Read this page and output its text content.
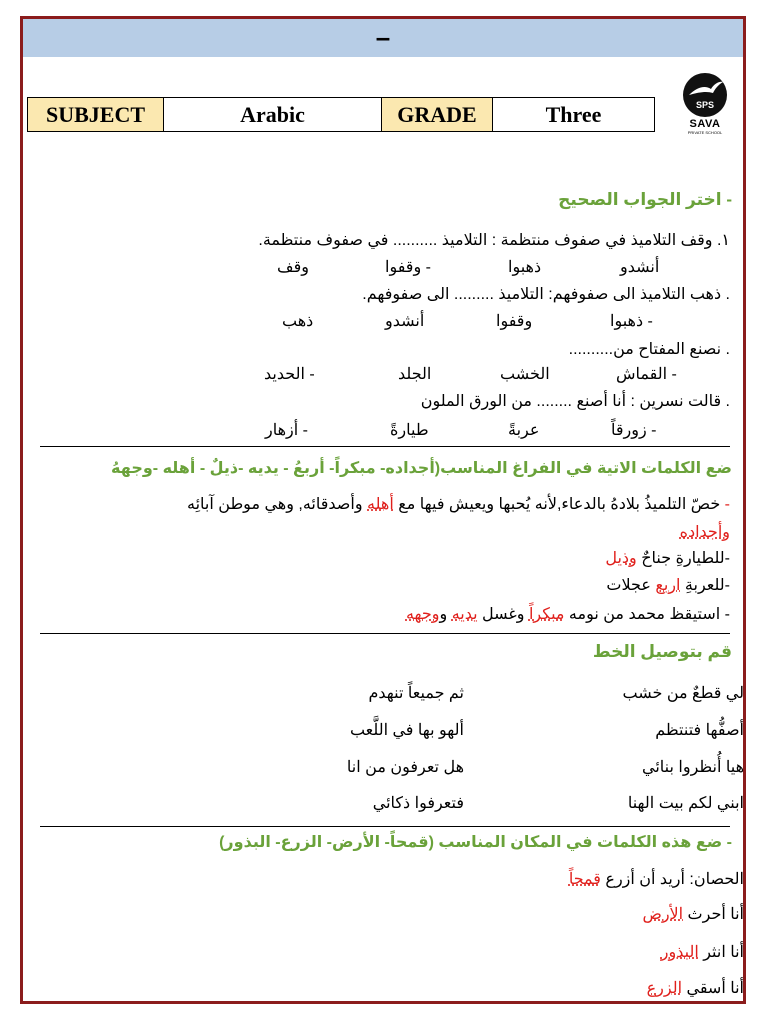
–
SUBJECT	Arabic	GRADE	Three	SPS
SAVA
PRIVATE SCHOOL
- اختر الجواب الصحيح
١. وقف التلاميذ في صفوف منتظمة : التلاميذ .......... في صفوف منتظمة.
أنشدو
ذهبوا
- وقفوا
وقف
. ذهب التلاميذ الى صفوفهم: التلاميذ ......... الى صفوفهم.
- ذهبوا
وقفوا
أنشدو
ذهب
. نصنع المفتاح من..........
- القماش
الخشب
الجلد
- الحديد
. قالت نسرين : أنا أصنع ........ من الورق الملون
- زورقاً
عربةً
طيارةً
- أزهار
ضع الكلمات الاتية في الفراغ المناسب(أجداده- مبكراً- أربعُ - يديه -ذيلٌ - أهله -وجههُ
- خصّ التلميذُ بلادهُ بالدعاء,لأنه يُحبها ويعيش فيها مع أهله وأصدقائه, وهي موطن آبائِه
وأجداده
-للطيارةِ جناحٌ وذيل
-للعربةِ اربع عجلات
- استيقظ محمد من نومه مبكراً وغسل يديه ووجهه
قم بتوصيل الخط
لي قطعٌ من خشب
ثم جميعاً تنهدم
أصفُّها فتنتظم
ألهو بها في اللَّعب
هيا أُنظروا بنائي
هل تعرفون من انا
ابني لكم بيت الهنا
فتعرفوا ذكائي
- ضع هذه الكلمات في المكان المناسب (قمحاً- الأرض- الزرع- البذور)
الحصان: أريد أن أزرع قمحاً
أنا أحرث الأرض
أنا انثر البذور
أنا أسقي الزرع
